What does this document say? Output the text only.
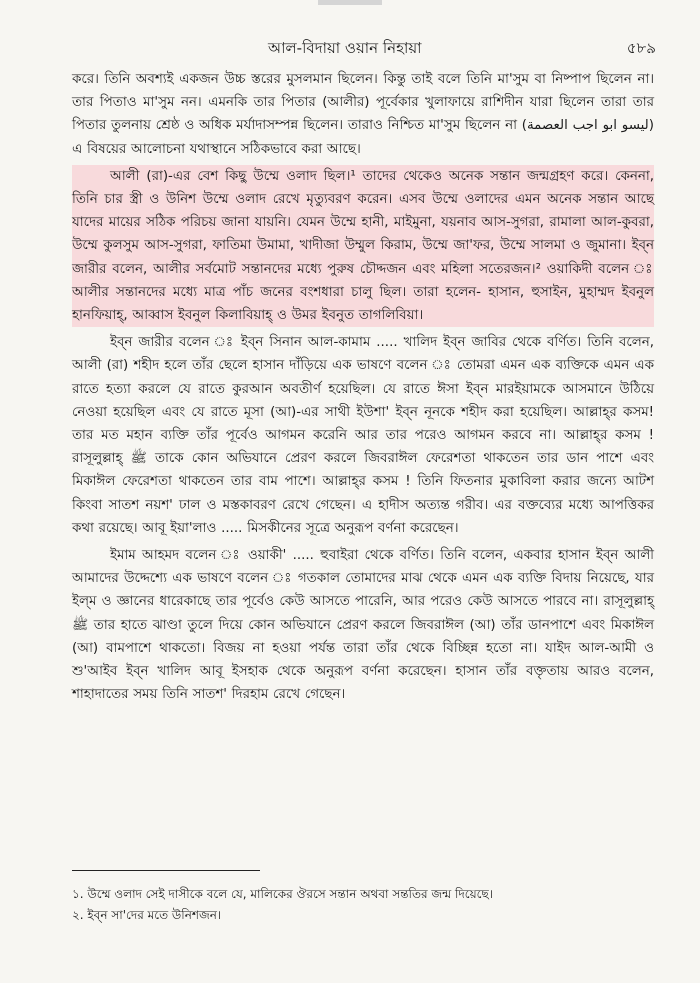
আল-বিদায়া ওয়ান নিহায়া	৫৮৯

করে। তিনি অবশ্যই একজন উচ্চ স্তরের মুসলমান ছিলেন। কিন্তু তাই বলে তিনি মা'সুম বা নিষ্পাপ ছিলেন না। তার পিতাও মা'সুম নন। এমনকি তার পিতার (আলীর) পূর্বেকার খুলাফায়ে রাশিদীন যারা ছিলেন তারা তার পিতার তুলনায় শ্রেষ্ঠ ও অধিক মর্যাদাসম্পন্ন ছিলেন। তারাও নিশ্চিত মা'সুম ছিলেন না (ليسو ابو اجب العصمة) এ বিষয়ের আলোচনা যথাস্থানে সঠিকভাবে করা আছে।

আলী (রা)-এর বেশ কিছু উম্মে ওলাদ ছিল।¹ তাদের থেকেও অনেক সন্তান জন্মগ্রহণ করে। কেননা, তিনি চার স্ত্রী ও উনিশ উম্মে ওলাদ রেখে মৃত্যুবরণ করেন। এসব উম্মে ওলাদের এমন অনেক সন্তান আছে যাদের মায়ের সঠিক পরিচয় জানা যায়নি। যেমন উম্মে হানী, মাইমুনা, যয়নাব আস-সুগরা, রামালা আল-কুবরা, উম্মে কুলসুম আস-সুগরা, ফাতিমা উমামা, খাদীজা উম্মুল কিরাম, উম্মে জা'ফর, উম্মে সালমা ও জুমানা। ইব্‌ন জারীর বলেন, আলীর সর্বমোট সন্তানদের মধ্যে পুরুষ চৌদ্দজন এবং মহিলা সতেরজন।² ওয়াকিদী বলেন ঃ আলীর সন্তানদের মধ্যে মাত্র পাঁচ জনের বংশধারা চালু ছিল। তারা হলেন- হাসান, হুসাইন, মুহাম্মদ ইবনুল হানফিয়াহ্, আব্বাস ইবনুল কিলাবিয়াহ্ ও উমর ইবনুত তাগলিবিয়া।

ইব্‌ন জারীর বলেন ঃ ইব্‌ন সিনান আল-কামাম ..... খালিদ ইব্‌ন জাবির থেকে বর্ণিত। তিনি বলেন, আলী (রা) শহীদ হলে তাঁর ছেলে হাসান দাঁড়িয়ে এক ভাষণে বলেন ঃ তোমরা এমন এক ব্যক্তিকে এমন এক রাতে হত্যা করলে যে রাতে কুরআন অবতীর্ণ হয়েছিল। যে রাতে ঈসা ইব্‌ন মারইয়ামকে আসমানে উঠিয়ে নেওয়া হয়েছিল এবং যে রাতে মূসা (আ)-এর সাথী ইউশা' ইব্‌ন নূনকে শহীদ করা হয়েছিল। আল্লাহ্‌র কসম! তার মত মহান ব্যক্তি তাঁর পূর্বেও আগমন করেনি আর তার পরেও আগমন করবে না। আল্লাহ্‌র কসম ! রাসূলুল্লাহ্ ﷺ তাকে কোন অভিযানে প্রেরণ করলে জিবরাঈল ফেরেশতা থাকতেন তার ডান পাশে এবং মিকাঈল ফেরেশতা থাকতেন তার বাম পাশে। আল্লাহ্‌র কসম ! তিনি ফিতনার মুকাবিলা করার জন্যে আটশ কিংবা সাতশ নয়শ' ঢাল ও মস্তকাবরণ রেখে গেছেন। এ হাদীস অত্যন্ত গরীব। এর বক্তব্যের মধ্যে আপত্তিকর কথা রয়েছে। আবূ ইয়া'লাও ..... মিসকীনের সূত্রে অনুরূপ বর্ণনা করেছেন।

ইমাম আহমদ বলেন ঃ ওয়াকী' ..... হুবাইরা থেকে বর্ণিত। তিনি বলেন, একবার হাসান ইব্‌ন আলী আমাদের উদ্দেশ্যে এক ভাষণে বলেন ঃ গতকাল তোমাদের মাঝ থেকে এমন এক ব্যক্তি বিদায় নিয়েছে, যার ইল্‌ম ও জ্ঞানের ধারেকাছে তার পূর্বেও কেউ আসতে পারেনি, আর পরেও কেউ আসতে পারবে না। রাসূলুল্লাহ্ ﷺ তার হাতে ঝাণ্ডা তুলে দিয়ে কোন অভিযানে প্রেরণ করলে জিবরাঈল (আ) তাঁর ডানপাশে এবং মিকাঈল (আ) বামপাশে থাকতো। বিজয় না হওয়া পর্যন্ত তারা তাঁর থেকে বিচ্ছিন্ন হতো না। যাইদ আল-আমী ও শু'আইব ইব্‌ন খালিদ আবূ ইসহাক থেকে অনুরূপ বর্ণনা করেছেন। হাসান তাঁর বক্তৃতায় আরও বলেন, শাহাদাতের সময় তিনি সাতশ' দিরহাম রেখে গেছেন।

১. উম্মে ওলাদ সেই দাসীকে বলে যে, মালিকের ঔরসে সন্তান অথবা সন্ততির জন্ম দিয়েছে।
২. ইব্‌ন সা'দের মতে উনিশজন।
